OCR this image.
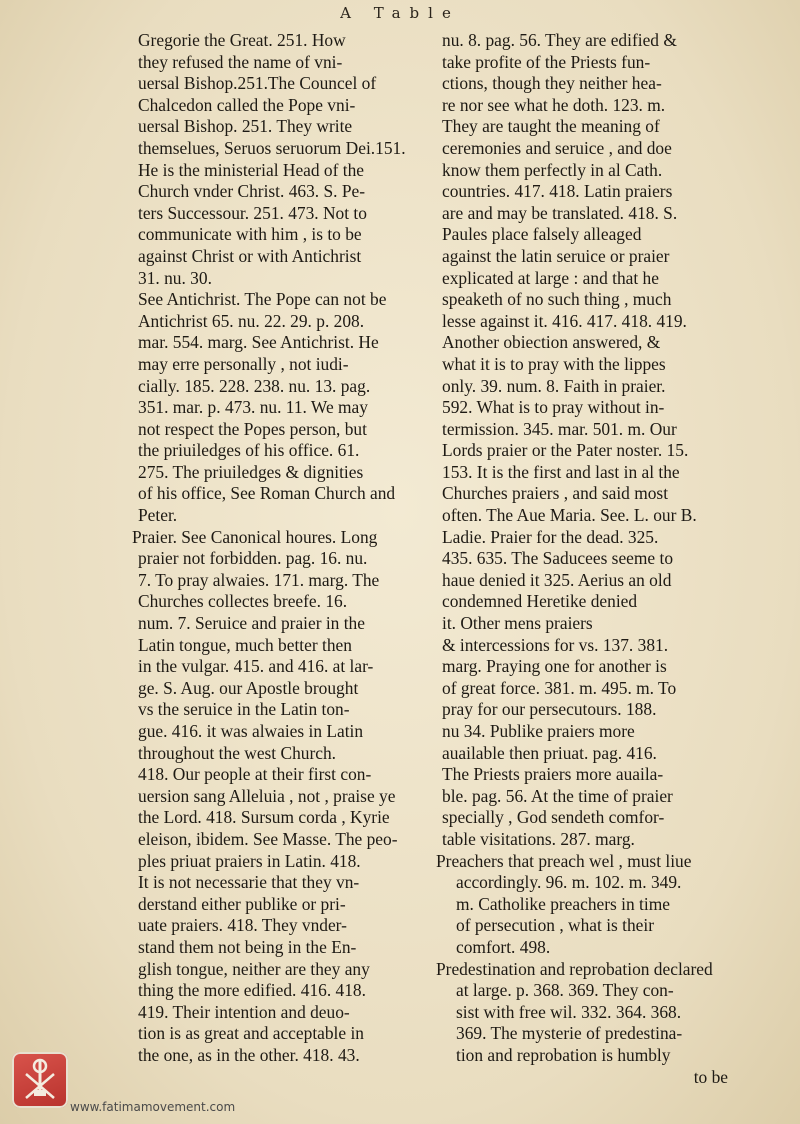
A Table
Gregorie the Great. 251. How
they refused the name of vni-
uersal Bishop.251.The Councel of
Chalcedon called the Pope vni-
uersal Bishop. 251. They write
themselues, Seruos seruorum Dei.151.
He is the ministerial Head of the
Church vnder Christ. 463. S. Pe-
ters Successour. 251. 473. Not to
communicate with him , is to be
against Christ or with Antichrist
31. nu. 30.
See Antichrist. The Pope can not be
Antichrist 65. nu. 22. 29. p. 208.
mar. 554. marg. See Antichrist. He
may erre personally , not iudi-
cially. 185. 228. 238. nu. 13. pag.
351. mar. p. 473. nu. 11. We may
not respect the Popes person, but
the priuiledges of his office. 61.
275. The priuiledges & dignities
of his office, See Roman Church and
Peter.
Praier. See Canonical houres. Long
praier not forbidden. pag. 16. nu.
7. To pray alwaies. 171. marg. The
Churches collectes breefe. 16.
num. 7. Seruice and praier in the
Latin tongue, much better then
in the vulgar. 415. and 416. at lar-
ge. S. Aug. our Apostle brought
vs the seruice in the Latin ton-
gue. 416. it was alwaies in Latin
throughout the west Church.
418. Our people at their first con-
uersion sang Alleluia , not , praise ye
the Lord. 418. Sursum corda , Kyrie
eleison, ibidem. See Masse. The peo-
ples priuat praiers in Latin. 418.
It is not necessarie that they vn-
derstand either publike or pri-
uate praiers. 418. They vnder-
stand them not being in the En-
glish tongue, neither are they any
thing the more edified. 416. 418.
419. Their intention and deuo-
tion is as great and acceptable in
the one, as in the other. 418. 43.
nu. 8. pag. 56. They are edified &
take profite of the Priests fun-
ctions, though they neither hea-
re nor see what he doth. 123. m.
They are taught the meaning of
ceremonies and seruice , and doe
know them perfectly in al Cath.
countries. 417. 418. Latin praiers
are and may be translated. 418. S.
Paules place falsely alleaged
against the latin seruice or praier
explicated at large : and that he
speaketh of no such thing , much
lesse against it. 416. 417. 418. 419.
Another obiection answered, &
what it is to pray with the lippes
only. 39. num. 8. Faith in praier.
592. What is to pray without in-
termission. 345. mar. 501. m. Our
Lords praier or the Pater noster. 15.
153. It is the first and last in al the
Churches praiers , and said most
often. The Aue Maria. See. L. our B.
Ladie. Praier for the dead. 325.
435. 635. The Saducees seeme to
haue denied it 325. Aerius an old
condemned Heretike denied
it. Other mens praiers
& intercessions for vs. 137. 381.
marg. Praying one for another is
of great force. 381. m. 495. m. To
pray for our persecutours. 188.
nu 34. Publike praiers more
auailable then priuat. pag. 416.
The Priests praiers more auaila-
ble. pag. 56. At the time of praier
specially , God sendeth comfor-
table visitations. 287. marg.
Preachers that preach wel , must liue
accordingly. 96. m. 102. m. 349.
m. Catholike preachers in time
of persecution , what is their
comfort. 498.
Predestination and reprobation declared
at large. p. 368. 369. They con-
sist with free wil. 332. 364. 368.
369. The mysterie of predestina-
tion and reprobation is humbly
to be
www.fatimamovement.com
